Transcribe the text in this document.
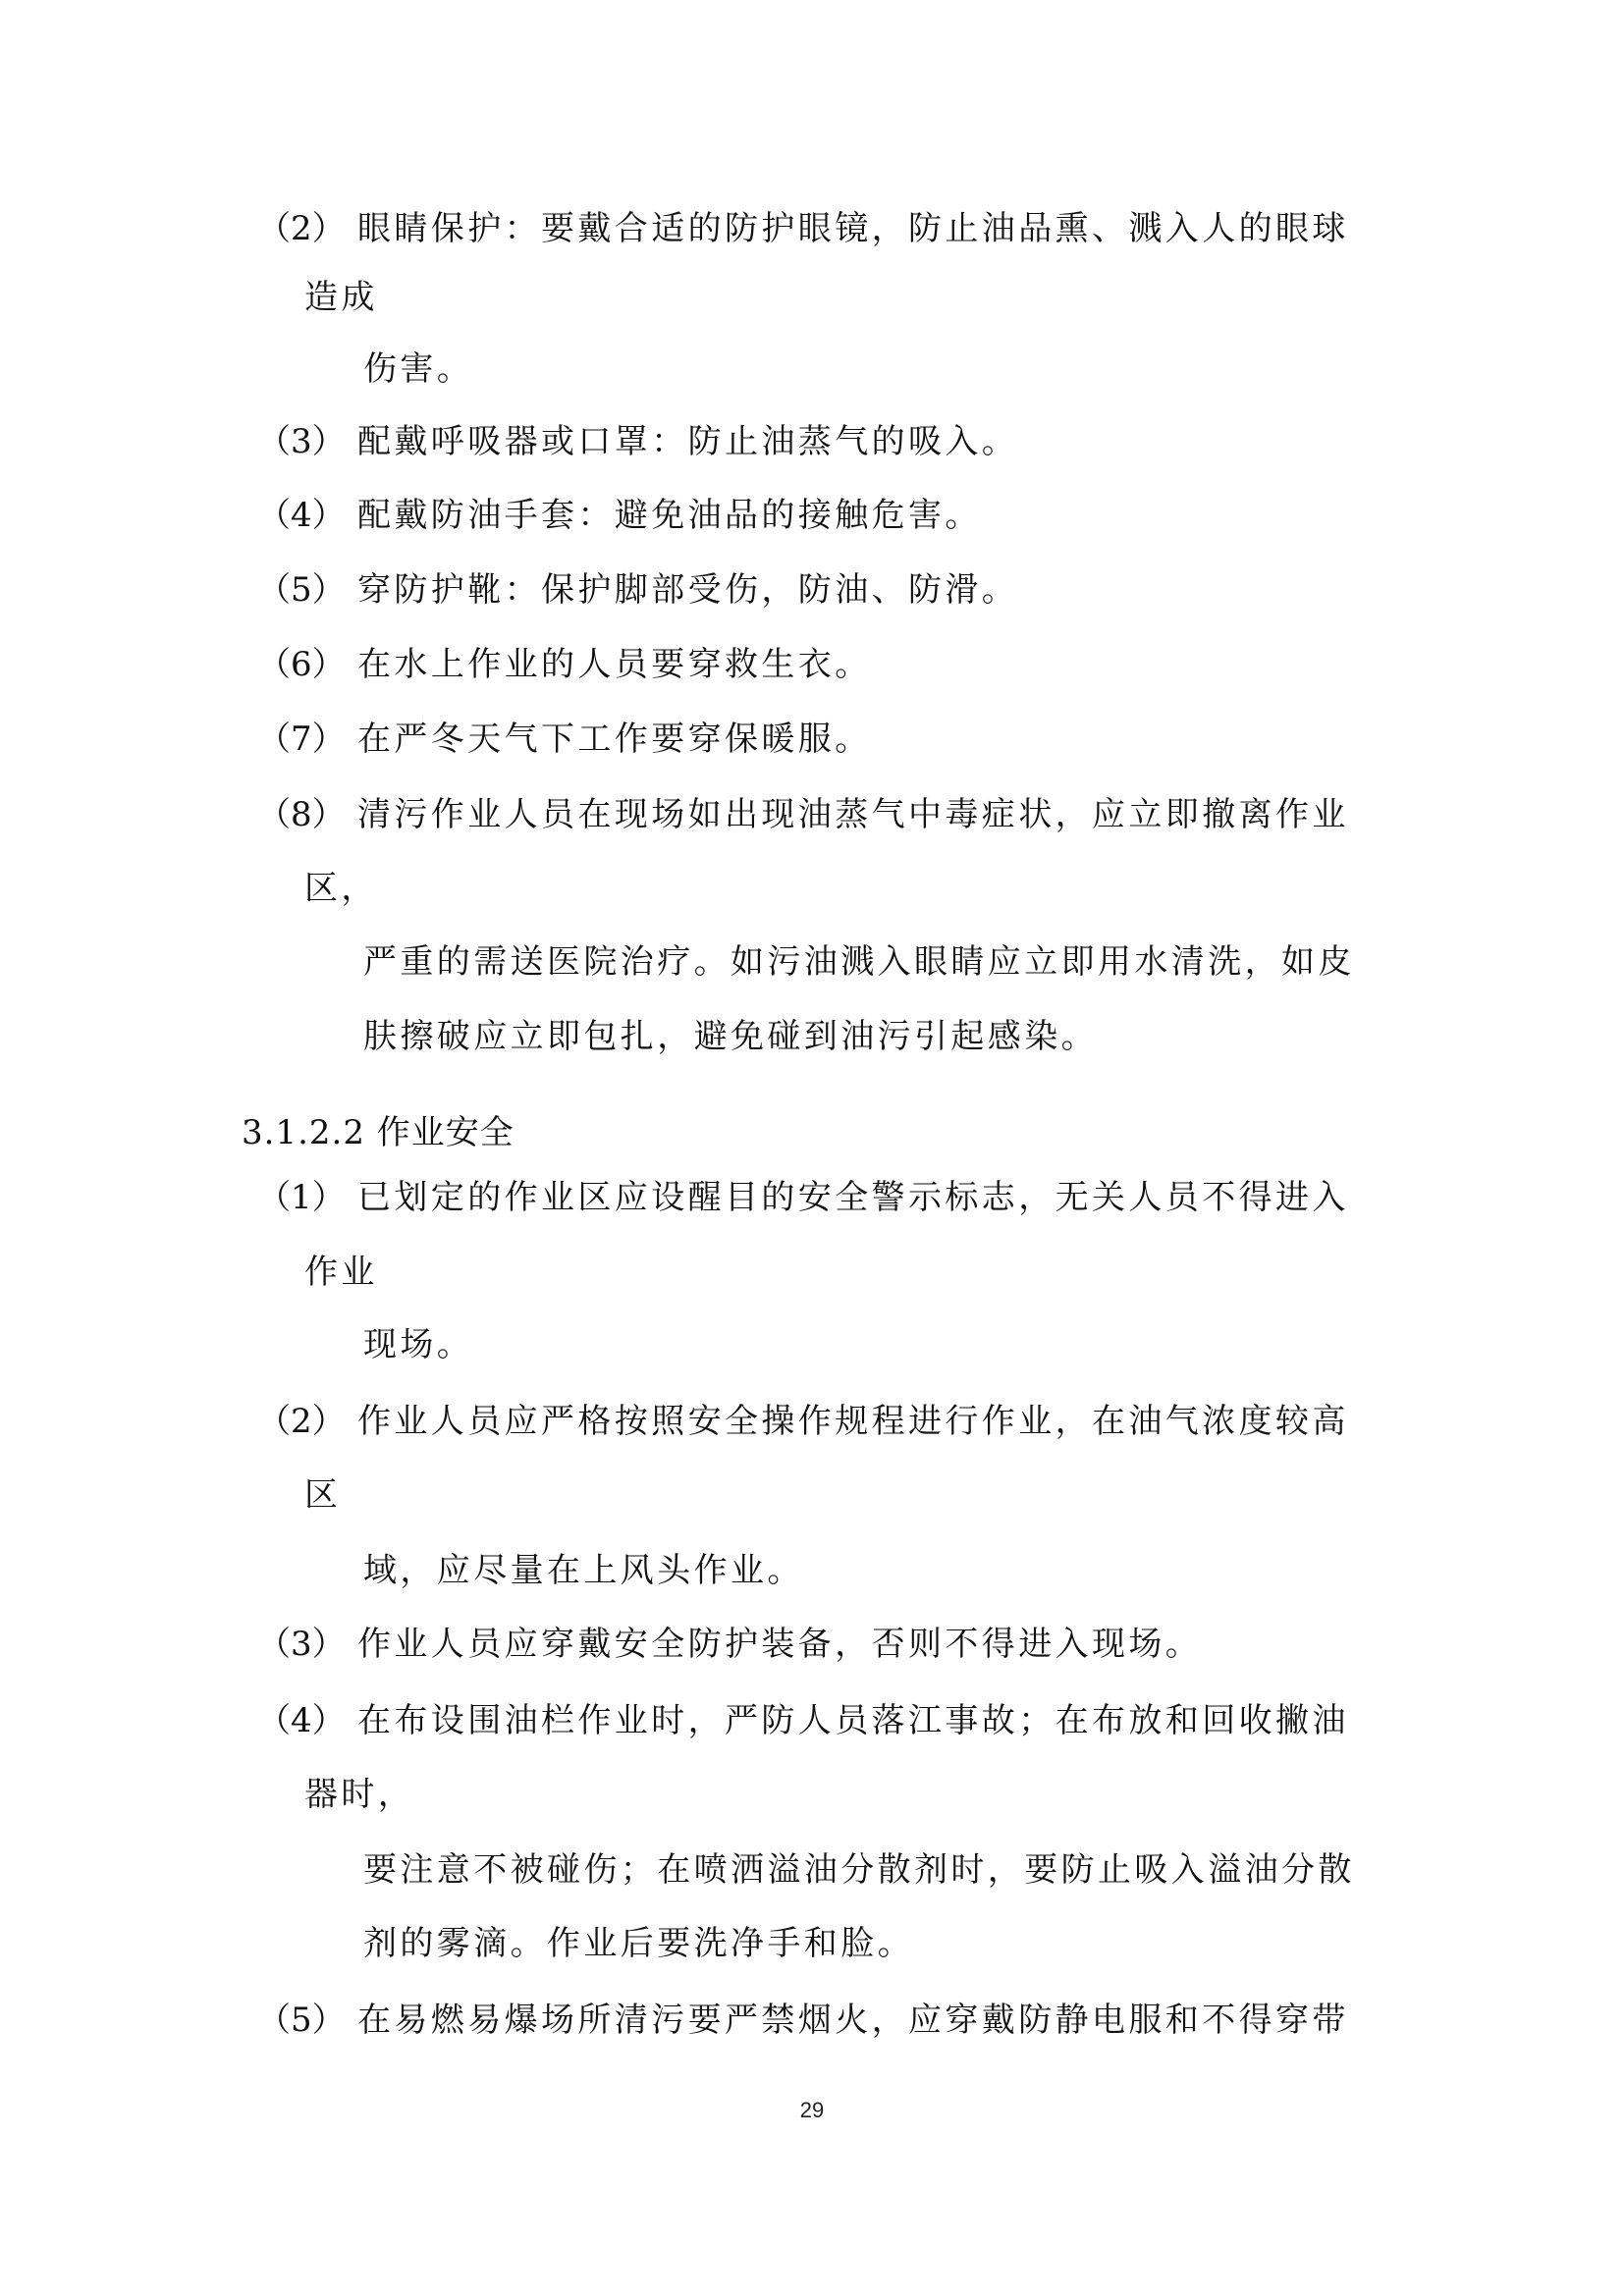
（2） 眼睛保护：要戴合适的防护眼镜，防止油品熏、溅入人的眼球
造成
伤害。
（3） 配戴呼吸器或口罩：防止油蒸气的吸入。
（4） 配戴防油手套：避免油品的接触危害。
（5） 穿防护靴：保护脚部受伤，防油、防滑。
（6） 在水上作业的人员要穿救生衣。
（7） 在严冬天气下工作要穿保暖服。
（8） 清污作业人员在现场如出现油蒸气中毒症状，应立即撤离作业
区，
严重的需送医院治疗。如污油溅入眼睛应立即用水清洗，如皮
肤擦破应立即包扎，避免碰到油污引起感染。
3.1.2.2 作业安全
（1） 已划定的作业区应设醒目的安全警示标志，无关人员不得进入
作业
现场。
（2） 作业人员应严格按照安全操作规程进行作业，在油气浓度较高
区
域，应尽量在上风头作业。
（3） 作业人员应穿戴安全防护装备，否则不得进入现场。
（4） 在布设围油栏作业时，严防人员落江事故；在布放和回收撇油
器时，
要注意不被碰伤；在喷洒溢油分散剂时，要防止吸入溢油分散
剂的雾滴。作业后要洗净手和脸。
（5） 在易燃易爆场所清污要严禁烟火，应穿戴防静电服和不得穿带
29
